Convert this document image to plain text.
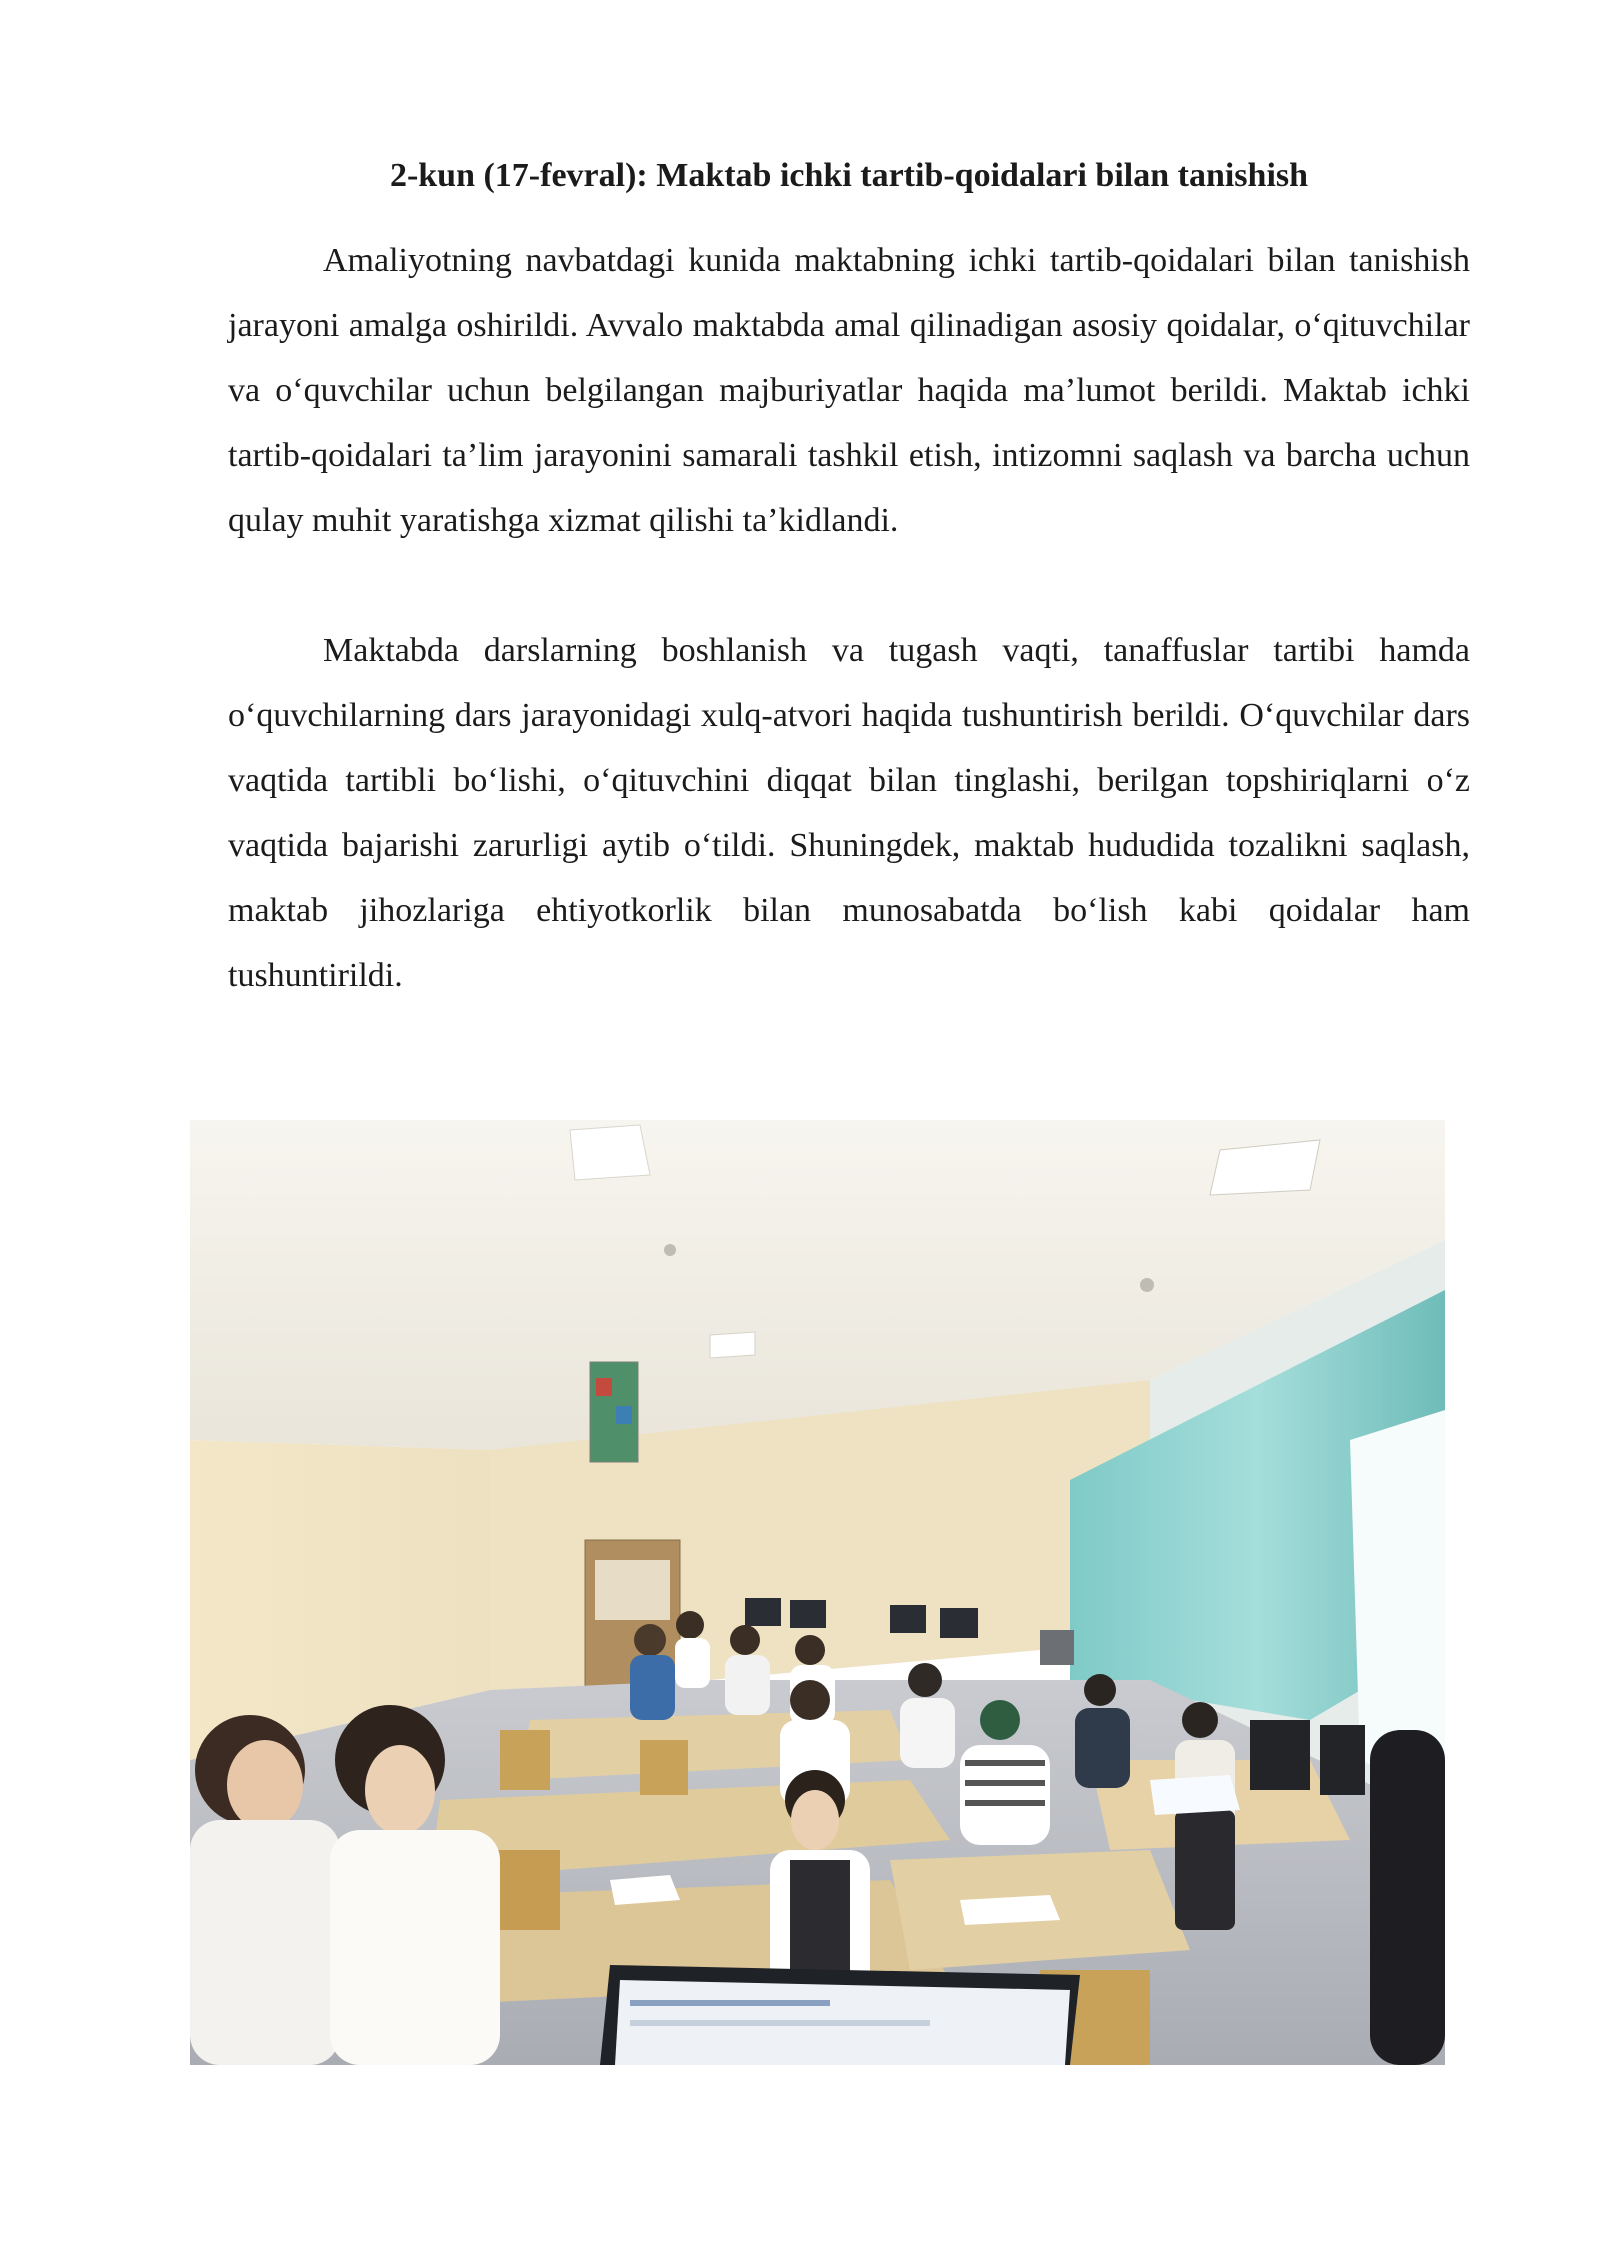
2-kun (17-fevral): Maktab ichki tartib-qoidalari bilan tanishish

Amaliyotning navbatdagi kunida maktabning ichki tartib-qoidalari bilan tanishish jarayoni amalga oshirildi. Avvalo maktabda amal qilinadigan asosiy qoidalar, o‘qituvchilar va o‘quvchilar uchun belgilangan majburiyatlar haqida ma’lumot berildi. Maktab ichki tartib-qoidalari ta’lim jarayonini samarali tashkil etish, intizomni saqlash va barcha uchun qulay muhit yaratishga xizmat qilishi ta’kidlandi.

Maktabda darslarning boshlanish va tugash vaqti, tanaffuslar tartibi hamda o‘quvchilarning dars jarayonidagi xulq-atvori haqida tushuntirish berildi. O‘quvchilar dars vaqtida tartibli bo‘lishi, o‘qituvchini diqqat bilan tinglashi, berilgan topshiriqlarni o‘z vaqtida bajarishi zarurligi aytib o‘tildi. Shuningdek, maktab hududida tozalikni saqlash, maktab jihozlariga ehtiyotkorlik bilan munosabatda bo‘lish kabi qoidalar ham tushuntirildi.
